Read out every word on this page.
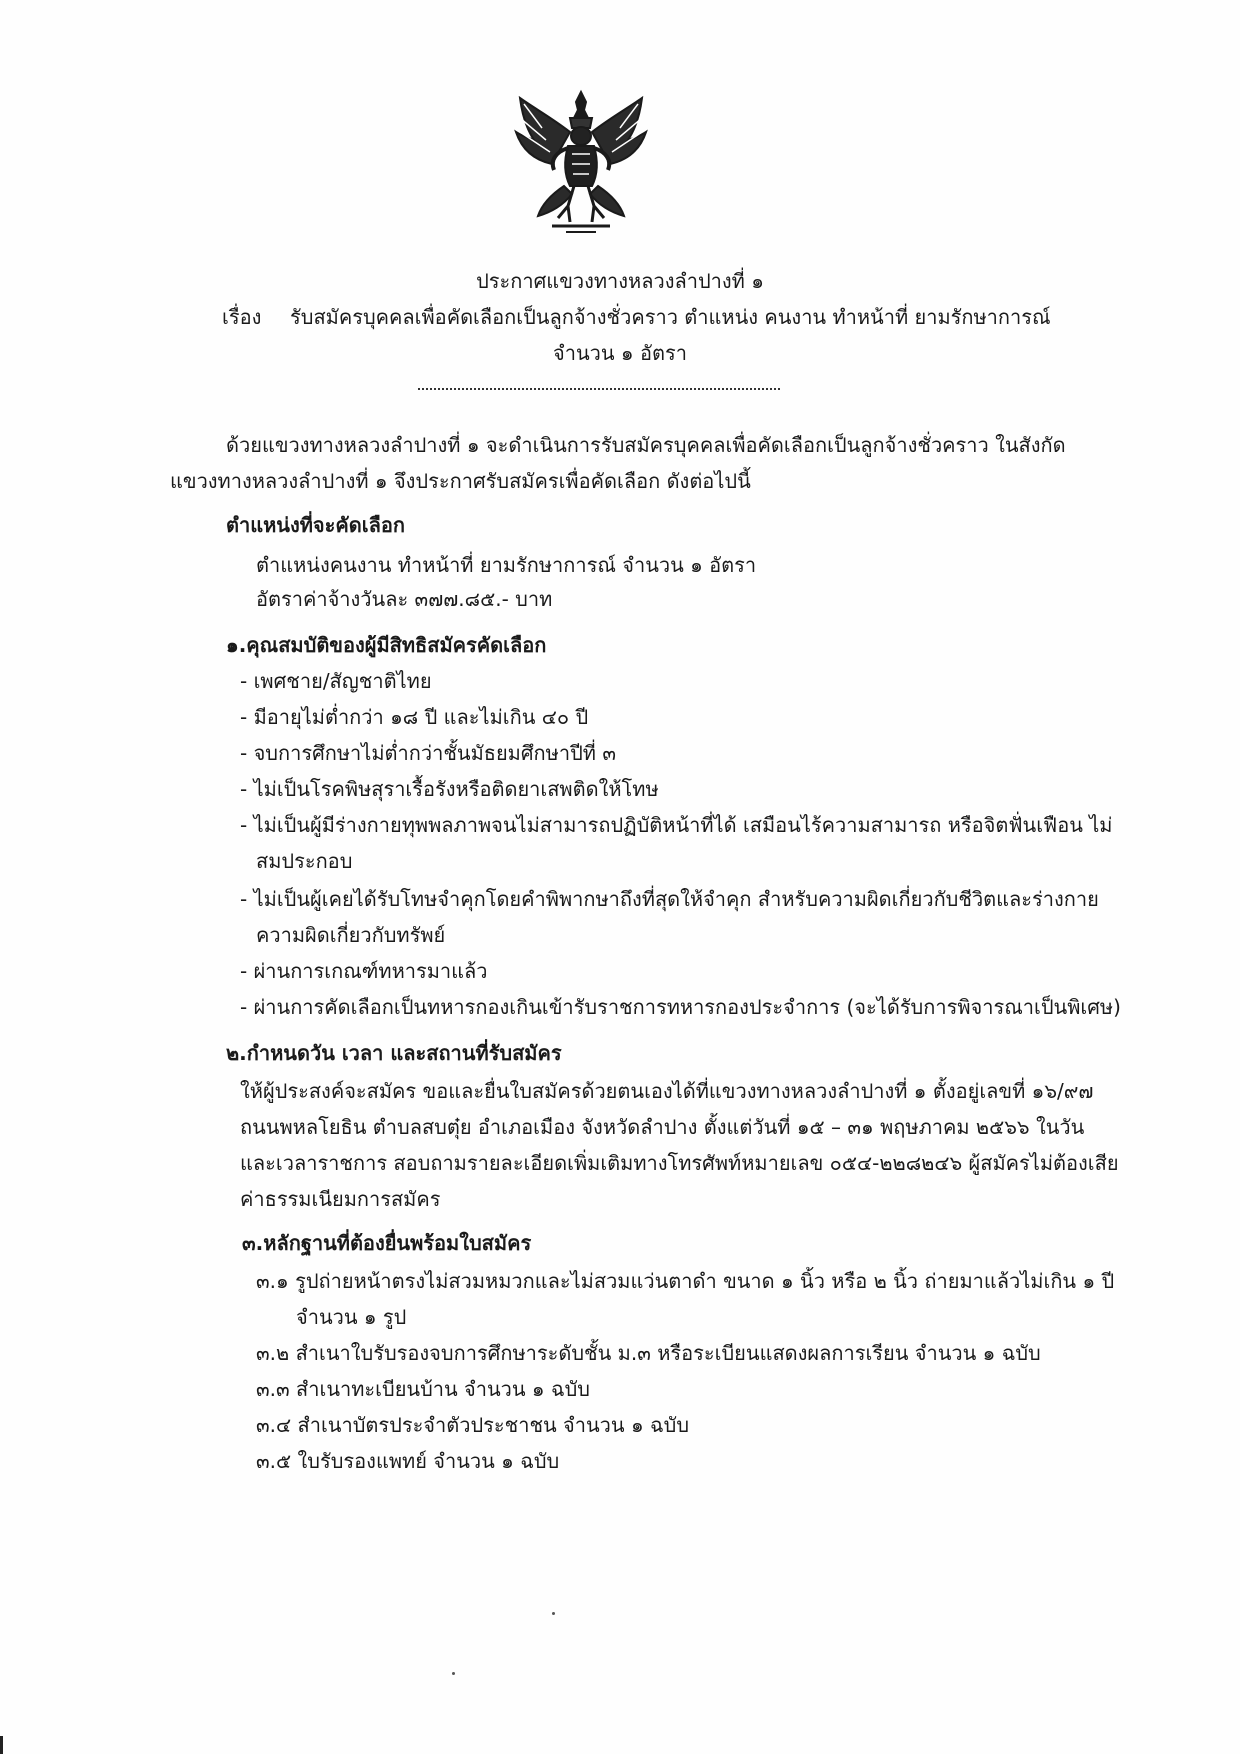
ประกาศแขวงทางหลวงลำปางที่ ๑
เรื่อง รับสมัครบุคคลเพื่อคัดเลือกเป็นลูกจ้างชั่วคราว ตำแหน่ง คนงาน ทำหน้าที่ ยามรักษาการณ์
จำนวน ๑ อัตรา
ด้วยแขวงทางหลวงลำปางที่ ๑ จะดำเนินการรับสมัครบุคคลเพื่อคัดเลือกเป็นลูกจ้างชั่วคราว ในสังกัด
แขวงทางหลวงลำปางที่ ๑ จึงประกาศรับสมัครเพื่อคัดเลือก ดังต่อไปนี้
ตำแหน่งที่จะคัดเลือก
ตำแหน่งคนงาน ทำหน้าที่ ยามรักษาการณ์ จำนวน ๑ อัตรา
อัตราค่าจ้างวันละ ๓๗๗.๘๕.- บาท
๑.คุณสมบัติของผู้มีสิทธิสมัครคัดเลือก
- เพศชาย/สัญชาติไทย
- มีอายุไม่ต่ำกว่า ๑๘ ปี และไม่เกิน ๔๐ ปี
- จบการศึกษาไม่ต่ำกว่าชั้นมัธยมศึกษาปีที่ ๓
- ไม่เป็นโรคพิษสุราเรื้อรังหรือติดยาเสพติดให้โทษ
- ไม่เป็นผู้มีร่างกายทุพพลภาพจนไม่สามารถปฏิบัติหน้าที่ได้ เสมือนไร้ความสามารถ หรือจิตฟั่นเฟือน ไม่
สมประกอบ
- ไม่เป็นผู้เคยได้รับโทษจำคุกโดยคำพิพากษาถึงที่สุดให้จำคุก สำหรับความผิดเกี่ยวกับชีวิตและร่างกาย
ความผิดเกี่ยวกับทรัพย์
- ผ่านการเกณฑ์ทหารมาแล้ว
- ผ่านการคัดเลือกเป็นทหารกองเกินเข้ารับราชการทหารกองประจำการ (จะได้รับการพิจารณาเป็นพิเศษ)
๒.กำหนดวัน เวลา และสถานที่รับสมัคร
ให้ผู้ประสงค์จะสมัคร ขอและยื่นใบสมัครด้วยตนเองได้ที่แขวงทางหลวงลำปางที่ ๑ ตั้งอยู่เลขที่ ๑๖/๙๗
ถนนพหลโยธิน ตำบลสบตุ๋ย อำเภอเมือง จังหวัดลำปาง ตั้งแต่วันที่ ๑๕ – ๓๑ พฤษภาคม ๒๕๖๖ ในวัน
และเวลาราชการ สอบถามรายละเอียดเพิ่มเติมทางโทรศัพท์หมายเลข ๐๕๔-๒๒๘๒๔๖ ผู้สมัครไม่ต้องเสีย
ค่าธรรมเนียมการสมัคร
๓.หลักฐานที่ต้องยื่นพร้อมใบสมัคร
๓.๑ รูปถ่ายหน้าตรงไม่สวมหมวกและไม่สวมแว่นตาดำ ขนาด ๑ นิ้ว หรือ ๒ นิ้ว ถ่ายมาแล้วไม่เกิน ๑ ปี
จำนวน ๑ รูป
๓.๒ สำเนาใบรับรองจบการศึกษาระดับชั้น ม.๓ หรือระเบียนแสดงผลการเรียน จำนวน ๑ ฉบับ
๓.๓ สำเนาทะเบียนบ้าน จำนวน ๑ ฉบับ
๓.๔ สำเนาบัตรประจำตัวประชาชน จำนวน ๑ ฉบับ
๓.๕ ใบรับรองแพทย์ จำนวน ๑ ฉบับ
